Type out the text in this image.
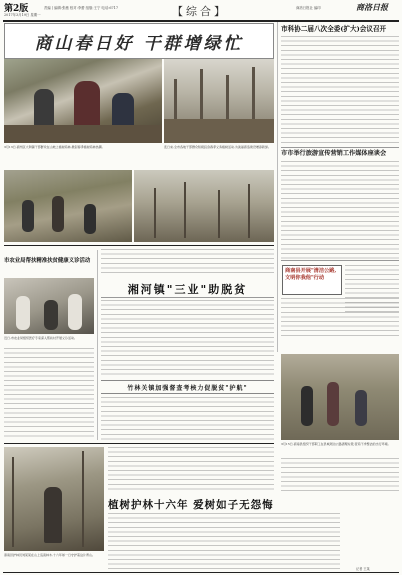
第2版
2017年3月19日 星期一
责编 | 编辑:张薇 校对:李蕾 组版:王宁 电话:6717	【综合】	商洛日报社 编印	商洛日报
商山春日好 干群增绿忙
3月13日,商州区大荆镇干部群众在山坡上植树造林,掀起春季植树造林热潮。	连日来,全市各地干部群众积极投身春季义务植树活动,为美丽商洛建设增添新绿。
市科协二届八次全委(扩大)会议召开
市市举行旅游宣传营销工作媒体座谈会
商南县开展"清洁公路,文明你我他"行动
3月15日,商南县组织干部职工在县城周边公路清理垃圾,营造干净整洁的出行环境。
市农业局帮扶精准扶贫健康义诊活动
近日,市农业局组织医疗专家深入帮扶村开展义诊活动。
湘河镇"三业"助脱贫
竹林关镇加强督查考核力促脱贫"护航"
商南县护林员刘某某在山上巡查林木,十六年如一日守护着这片青山。
植树护林十六年 爱树如子无怨悔
记者 王某
